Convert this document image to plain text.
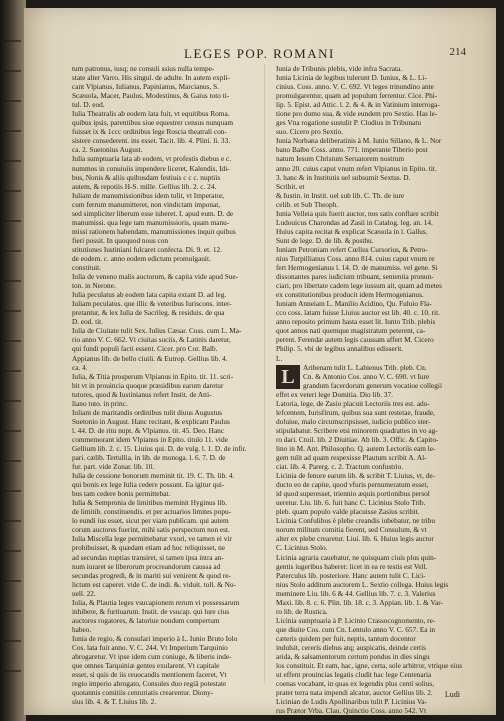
LEGES POP. ROMANI	214

tum patronus, iusq; ne consuli ssius nulla tempe-
state alter Varro. His singul. de adulte. In autem expli-
cant Vlpianus, Iulianus, Papinianus, Marcianus, S.
Scæuola, Macer, Paulus, Modestinus, & Gaius toto ti-
tul. D. eod.
Iulia Theatralis ab eodem lata fuit, vt equitibus Roma.
quibus ipsis, parentibus siue equestrer census nunquam
fuisset ix & 1ccc ordinibus lege Roscia theatrali con-
sistere consederent. ins esset. Tacit. lib. 4. Plini. li. 33.
ca. 2. Suetonius August.
Iulia sumptuaria lata ab eodem, vt profestis diebus e c.
nummos in conuiuiis impendere liceret, Kalendis, Idi-
bus, Nonis & aliis quibusdam festiuis c c c. nuptiis
autem, & repotiis H-S. mille. Gellius lib. 2. c. 24.
Iuliam de manumissionibus idem tulit, vt Imperator,
cum ferrum manumitteret, non vindictam imponat,
sed simpliciter liberum esse iuberet. I. apud eum. D. de
manumissi. qua lege tam manumissioris, quam manu-
missi rationem habendam, manumissiones inquit quibus
fieri possit. In quoquod nous con
stitutiones Iustiniani fulcaret confecta. Di. 9. et. 12.
de eodem. c. anno eodem edictum promulgauit.
constituit.
Iulia de veneno malis auctorum, & capita vide apud Sue-
ton. in Nerone.
Iulia peculatus ab eodem lata capita extant D. ad leg.
Iuliam peculatus. que illic & veteribus Iuriscons. inter-
pretantur, & lex Iulia de Sacrileg. & residuis. de qua
D. eod. tit.
Iulia de Ciuitate tulit Sex. Iulius Cæsar. Coss. cum L. Ma-
rio anno V. C. 662. Vt ciuitas sociis, & Latinis daretur,
qui fundi populi facti essent. Cicer. pro Cor. Balb.
Appianus lib. de bello ciuili. & Eutrop. Gellius lib. 4.
ca. 4.
Iulia, & Titia prosperum Vlpianus in Epito. tit. 11. scri-
bit vt in prouincia quoque præsidibus earum daretur
tutores, quod & Iustinianus refert Instit. de Atti-
liano tuto. in princ.
Iuliam de maritandis ordinibus tulit diuus Augustus
Suetonio in August. Hanc recitant, & explicant Paulus
l. 44. D. de ritu nupt. & Vlpianus. tit. 45. Deo. Hanc
commemorant idem Vlpianus in Epito. titulo 11. vide
Gellium lib. 2. c. 15. Liuius qui. D. de vulg. l. 1. D. de infir.
pari. cælib. Tertullia. in lib. de monoga. l. 6. 7. D. de
fur. part. vide Zonar. lib. 10.
Iulia de cessione bonorum meminit tit. 19. C. Th. lib. 4.
qui bonis ex lege Iulia cedere possunt. Ea igitur qui-
bus tam cedere bonis permittebat.
Iulia & Sempronia de limitibus meminit Hyginus lib.
de limitib. constituendis. et per actuarios limites popu-
lo eundi ius esset, sicut per viam publicam. qui autem
corum auctores fuerint, mihi satis perspectum non est.
Iulia Miscella lege permittebatur vxori, ve tamen ei vir
prohibuisset, & quædam etiam ad hoc reliquisset, ne
ad secundas nuptias transiret, si tamen ipsa intra an-
num iuraret se liberorum procreandorum caussa ad
secundas progredi, & in mariti sui venirent & quod re-
lictum est caperet. vide C. de indi. &. viduit. toll. & No-
uell. 22.
Iulia, & Plautia leges vsucapionem rerum vi possessarum
inhibere, & furtiuarum. Instit. de vsucap. qui lure cius
auctores rogatores, & latoriue nondum compertum
habeo.
Iunia de regio, & consulari imperio à L. Iunio Bruto Iolo
Cos. lata fuit anno. V. C. 244. Vt Imperium Tarquinio
abrogaretur. Vt ipse idem cum coniuge, & liberis inde-
que omnes Tarquiniæ gentes exularent. Vt capitale
esset, si quis de iis reuocandis mentionem faceret, Vt
regio imperio abrogato, Consules duo regiâ potestate
quotannis comitiis centuriatis crearentur. Diony-
sius lib. 4. & T. Liuius lib. 2.

Iunia de Tribunis plebis, vide infra Sacrata.
Iunia Licinia de legibus tulerunt D. Iunius, & L. Li-
cinius. Coss. anno. V. C. 692. Vt leges trinundino ante
promulgarentur, quam ad populum ferrentur. Cice. Phi-
lip. 5. Epist. ad Attic. l. 2. & 4. & in Vatinium interroga-
tione pro domo sua, & vide eundem pro Sextio. Has le-
ges Vna rogatione sustulit P. Clodius in Tribunatu
suo. Cicero pro Sextio.
Iunia Norbana deliberatinis à M. Iunio Sillano, & L. Nor
bano Balbo Coss. anno. 771. imperante Tiberio post
natum Iesum Christum Seruatorem nostrum
anno 20. cuius caput vnum refert Vlpianus in Epito. tit.
3. hanc & in Institutis uel subsumit Sextus. D.
Scribit. et
& Iustin. in Instit. uel sub lib. C. Th. de iure
celib. et Sub Theoph.
Iunia Velleia quis fuerit auctor, nos satis conflare scribit
Ludouicus Charondas ad Zasii in Catalog. leg. an. 14.
Huius capita recitat & explicat Scæuola in l. Gallus.
Sunt de lege. D. de lib. & posthu.
Iuniam Petroniam refert Cœlius Cursorius, & Petro-
nius Turpillianus Coss. anno 814. cuius caput vnum re
fert Hermogenianus l. 14. D. de manumiss. vel gene. Si
dissonantes pares iudicium tribuant, sententia pronun-
ciari, pro libertate cadem lege iussum ait, quam ad metes
ex constitutionibus producit idem Hermogenianus.
Iuniam Anneiam L. Manilio Acidino, Qu. Fuluio Fla-
cco coss. latam fuisse Liuius auctor est lib. 40. c. 10. rit.
anno reposito primum hasta esset lit. Iunto Trib. plebis
quot annos nati quemque magistratum peterent, ca-
perent. Ferendæ autem legis caussam affert M. Cicero
Philip. 5. vbi de legibus annalibus edisserit.
L.

L	Aribenam tulit L. Labienus Trib. pleb. Cn.
Cn. & Antonio Cos. anno V. C. 690. vt Iure
grandum facerdorum generum vocatioe collegii
effet ex veteri lege Domitia. Dio lib. 37.
Latoria, lege, de Zasio placuit Lectoriis tres est. ado-
lefcentem, Iurisfirum, quibus sua sunt restetae, fraude,
doluiue, malo circumscripsisset, iudicio publico ster-
stipulabatur. Scribere etsi minorem quadrattes in vo ag-
ro dari. Ctuil. lib. 2 Diuitiae. Ab lib. 3. Offic. & Capito-
lino in M. Ant. Philosopho. Q. autem Lectoriis eam le-
gem tulit ad quam respexisse Plautum scribit A. Al-
ciat. lib. 4. Parerg. c. 2. Tractum confustrio.
Licinia de fenore earum lib. & scribit T. Liuius, vt, de-
ducto eo de capite, quod vfuris pernumeratum esset,
id quod superesset, triennio æquis portionibus persol
ueretur. Liu. lib. 6. fuit hanc C. Licinius Stolo Trib.
pleb. quam populo valde placuisse Zasius scribit.
Licinia Confulibus è plebe creandis iubebatur, ne tribu
norum militum comitia fierent, sed Consulum, & vt
alter ex plebe crearetur. Liui. lib. 6. Huius legis auctor
C. Licinius Stolo.
Licinia agraria cauebatur, ne quisquam ciuis plus quin-
gentis iugeribus haberet: licet in ea re testis est Vell.
Paterculus lib. posteriore. Hanc autem tulit C. Lici-
nius Stolo additum auctorem L. Sextio collega. Huius legis
meminere Liu. lib. 6 & 44. Gellius lib. 7. c. 3. Valerius
Maxi. lib. 8. c. 6. Plin. lib. 18. c. 3. Appian. lib. 1. & Var-
ro lib. de Rustica.
Licinia sumptuaria à P. Licinio Crassocognomento, re-
que diuite Cos. cum Cn. Lentulo anno V. C. 657. Ea in
cæteris quidem per fuit, neptis, tantum docentor
indulsit, cereris diebus atq; auspicatis, deinde certis
arida, & salsamentorum certum pondus in dies singu
los constituit. Et eam, hac, igne, certa, sole arbitror, vtrique eius
ut effent prouincias legatis cludit hac lege Centenaria
coenas vocabant, in quas ex legendis plus centi solius,
prater terra nata impendi alcatur, auctor Gellius lib. 2.
Licinian de Ludis Apollinaribus tulit P. Licinius Va-
rus Prætor Vrba. Clau. Quinctio Coss. anno 542. Vt

Ludi
